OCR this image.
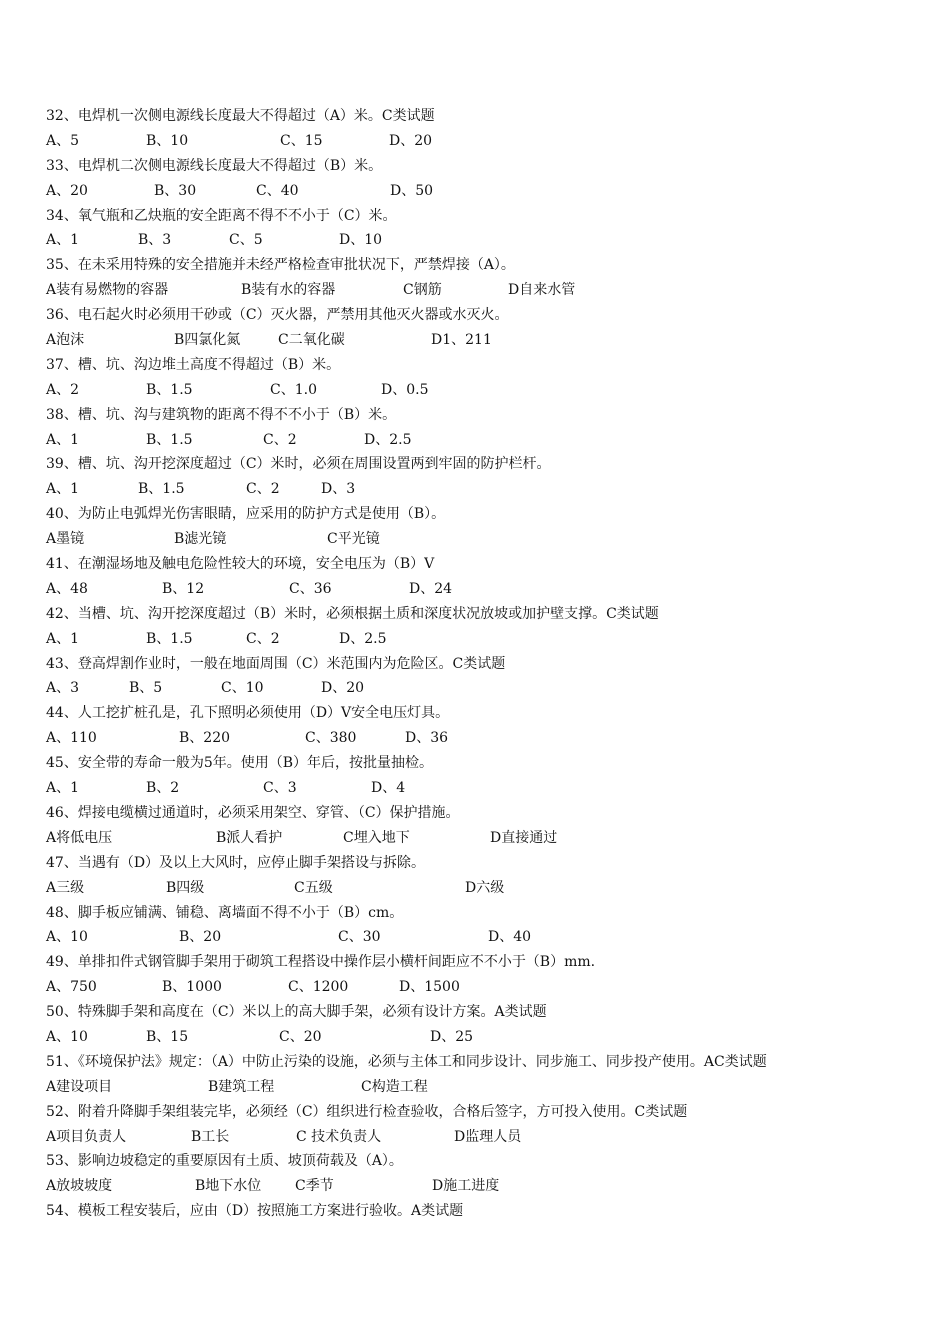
32、电焊机一次侧电源线长度最大不得超过（A）米。C类试题
A、5	B、10	C、15	D、20
33、电焊机二次侧电源线长度最大不得超过（B）米。
A、20	B、30	C、40	D、50
34、氧气瓶和乙炔瓶的安全距离不得不不小于（C）米。
A、1	B、3	C、5	D、10
35、在未采用特殊的安全措施并未经严格检查审批状况下，严禁焊接（A）。
A装有易燃物的容器	B装有水的容器	C钢筋	D自来水管
36、电石起火时必须用干砂或（C）灭火器，严禁用其他灭火器或水灭火。
A泡沫	B四氯化氮	C二氧化碳	D1、211
37、槽、坑、沟边堆土高度不得超过（B）米。
A、2	B、1.5	C、1.0	D、0.5
38、槽、坑、沟与建筑物的距离不得不不小于（B）米。
A、1	B、1.5	C、2	D、2.5
39、槽、坑、沟开挖深度超过（C）米时，必须在周围设置两到牢固的防护栏杆。
A、1	B、1.5	C、2	D、3
40、为防止电弧焊光伤害眼睛，应采用的防护方式是使用（B）。
A墨镜	B滤光镜	C平光镜
41、在潮湿场地及触电危险性较大的环境，安全电压为（B）V
A、48	B、12	C、36	D、24
42、当槽、坑、沟开挖深度超过（B）米时，必须根据土质和深度状况放坡或加护壁支撑。C类试题
A、1	B、1.5	C、2	D、2.5
43、登高焊割作业时，一般在地面周围（C）米范围内为危险区。C类试题
A、3	B、5	C、10	D、20
44、人工挖扩桩孔是，孔下照明必须使用（D）V安全电压灯具。
A、110	B、220	C、380	D、36
45、安全带的寿命一般为5年。使用（B）年后，按批量抽检。
A、1	B、2	C、3	D、4
46、焊接电缆横过通道时，必须采用架空、穿管、（C）保护措施。
A将低电压	B派人看护	C埋入地下	D直接通过
47、当遇有（D）及以上大风时，应停止脚手架搭设与拆除。
A三级	B四级	C五级	D六级
48、脚手板应铺满、铺稳、离墙面不得不小于（B）cm。
A、10	B、20	C、30	D、40
49、单排扣件式钢管脚手架用于砌筑工程搭设中操作层小横杆间距应不不小于（B）mm.
A、750	B、1000	C、1200	D、1500
50、特殊脚手架和高度在（C）米以上的高大脚手架，必须有设计方案。A类试题
A、10	B、15	C、20	D、25
51、《环境保护法》规定：（A）中防止污染的设施，必须与主体工和同步设计、同步施工、同步投产使用。AC类试题
A建设项目	B建筑工程	C构造工程
52、附着升降脚手架组装完毕，必须经（C）组织进行检查验收，合格后签字，方可投入使用。C类试题
A项目负责人	B工长	C 技术负责人	D监理人员
53、影响边坡稳定的重要原因有土质、坡顶荷载及（A）。
A放坡坡度	B地下水位 C季节	D施工进度
54、模板工程安装后，应由（D）按照施工方案进行验收。A类试题
